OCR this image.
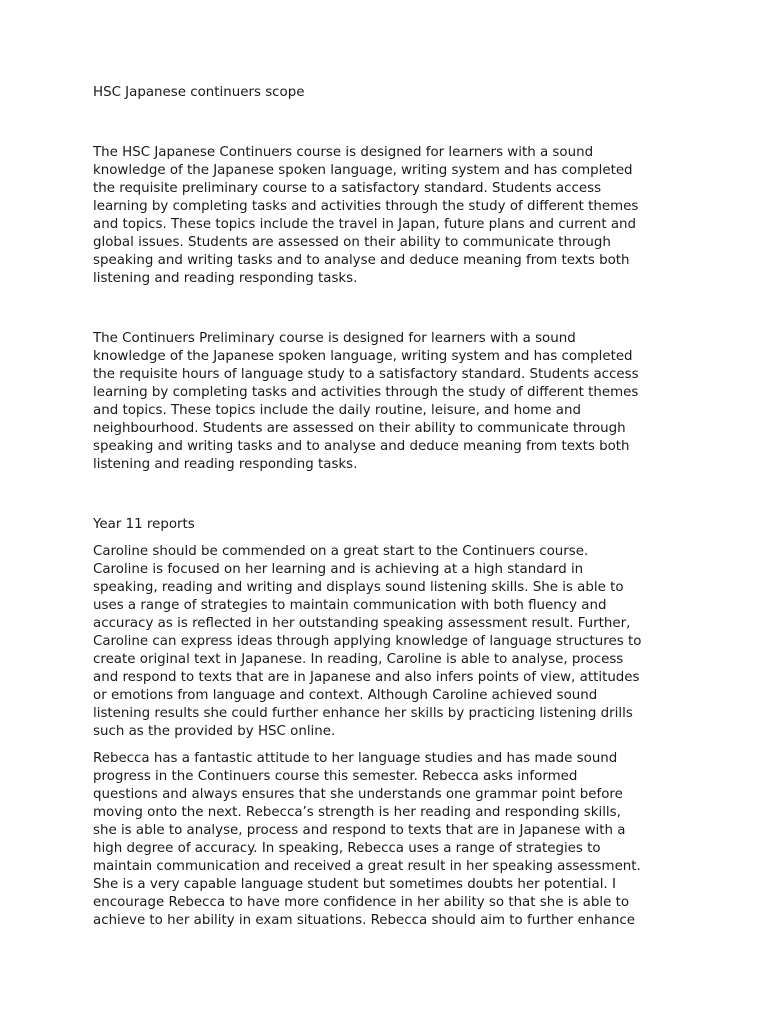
HSC Japanese continuers scope

The HSC Japanese Continuers course is designed for learners with a sound
knowledge of the Japanese spoken language, writing system and has completed
the requisite preliminary course to a satisfactory standard. Students access
learning by completing tasks and activities through the study of different themes
and topics. These topics include the travel in Japan, future plans and current and
global issues. Students are assessed on their ability to communicate through
speaking and writing tasks and to analyse and deduce meaning from texts both
listening and reading responding tasks.

The Continuers Preliminary course is designed for learners with a sound
knowledge of the Japanese spoken language, writing system and has completed
the requisite hours of language study to a satisfactory standard. Students access
learning by completing tasks and activities through the study of different themes
and topics. These topics include the daily routine, leisure, and home and
neighbourhood. Students are assessed on their ability to communicate through
speaking and writing tasks and to analyse and deduce meaning from texts both
listening and reading responding tasks.

Year 11 reports

Caroline should be commended on a great start to the Continuers course.
Caroline is focused on her learning and is achieving at a high standard in
speaking, reading and writing and displays sound listening skills. She is able to
uses a range of strategies to maintain communication with both fluency and
accuracy as is reflected in her outstanding speaking assessment result. Further,
Caroline can express ideas through applying knowledge of language structures to
create original text in Japanese. In reading, Caroline is able to analyse, process
and respond to texts that are in Japanese and also infers points of view, attitudes
or emotions from language and context. Although Caroline achieved sound
listening results she could further enhance her skills by practicing listening drills
such as the provided by HSC online.

Rebecca has a fantastic attitude to her language studies and has made sound
progress in the Continuers course this semester. Rebecca asks informed
questions and always ensures that she understands one grammar point before
moving onto the next. Rebecca’s strength is her reading and responding skills,
she is able to analyse, process and respond to texts that are in Japanese with a
high degree of accuracy. In speaking, Rebecca uses a range of strategies to
maintain communication and received a great result in her speaking assessment.
She is a very capable language student but sometimes doubts her potential. I
encourage Rebecca to have more confidence in her ability so that she is able to
achieve to her ability in exam situations. Rebecca should aim to further enhance
